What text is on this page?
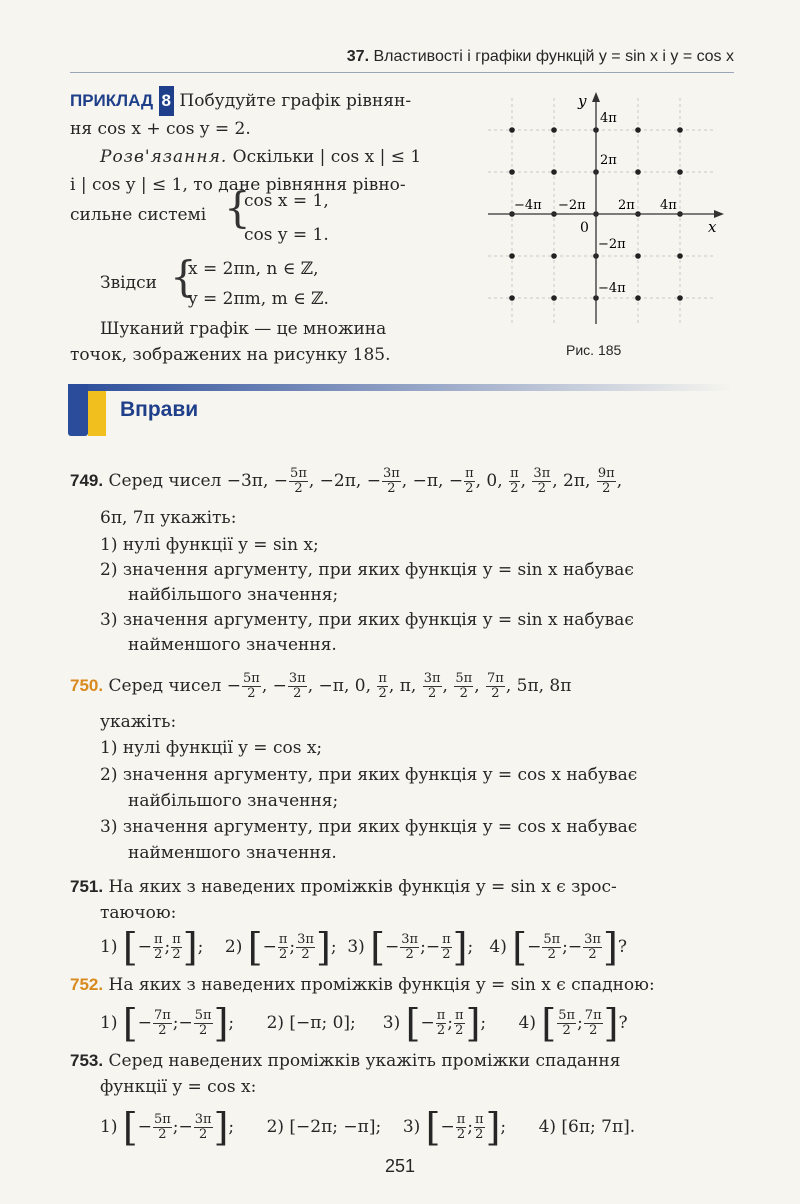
37. Властивості і графіки функцій y = sin x і y = cos x
ПРИКЛАД 8 Побудуйте графік рівнян-
ня cos x + cos y = 2.
Розв'язання. Оскільки | cos x | ≤ 1
і | cos y | ≤ 1, то дане рівняння рівно-
сильне системі {
cos x = 1,
cos y = 1.
Звідси {
x = 2πn, n ∈ ℤ,
y = 2πm, m ∈ ℤ.
Шуканий графік — це множина
точок, зображених на рисунку 185.
x
y
0
−4π −2π 2π 4π
4π
2π
−2π
−4π
Рис. 185
Вправи
749. Серед чисел −3π, − $\frac{5\pi}{2}$ , −2π, − $\frac{3\pi}{2}$ , −π, − $\frac{\pi}{2}$ , 0, $\frac{\pi}{2}$ , $\frac{3\pi}{2}$ , 2π, $\frac{9\pi}{2}$ ,
6π, 7π укажіть:
1) нулі функції y = sin x;
2) значення аргументу, при яких функція y = sin x набуває
найбільшого значення;
3) значення аргументу, при яких функція y = sin x набуває
найменшого значення.
750. Серед чисел − $\frac{5\pi}{2}$ , − $\frac{3\pi}{2}$ , −π, 0, $\frac{\pi}{2}$ , π, $\frac{3\pi}{2}$ , $\frac{5\pi}{2}$ , $\frac{7\pi}{2}$ , 5π, 8π
укажіть:
1) нулі функції y = cos x;
2) значення аргументу, при яких функція y = cos x набуває
найбільшого значення;
3) значення аргументу, при яких функція y = cos x набуває
найменшого значення.
751. На яких з наведених проміжків функція y = sin x є зрос-
таючою:
1) [− $\frac{\pi}{2}$ ; $\frac{\pi}{2}$ ];    2) [− $\frac{\pi}{2}$ ; $\frac{3\pi}{2}$ ];  3) [− $\frac{3\pi}{2}$ ;− $\frac{\pi}{2}$ ];   4) [− $\frac{5\pi}{2}$ ;− $\frac{3\pi}{2}$ ]?
752. На яких з наведених проміжків функція y = sin x є спадною:
1) [− $\frac{7\pi}{2}$ ;− $\frac{5\pi}{2}$ ];      2) [−π; 0];     3) [− $\frac{\pi}{2}$ ; $\frac{\pi}{2}$ ];      4) [ $\frac{5\pi}{2}$ ; $\frac{7\pi}{2}$ ]?
753. Серед наведених проміжків укажіть проміжки спадання
функції y = cos x:
1) [− $\frac{5\pi}{2}$ ;− $\frac{3\pi}{2}$ ];      2) [−2π; −π];    3) [− $\frac{\pi}{2}$ ; $\frac{\pi}{2}$ ];      4) [6π; 7π].
251
